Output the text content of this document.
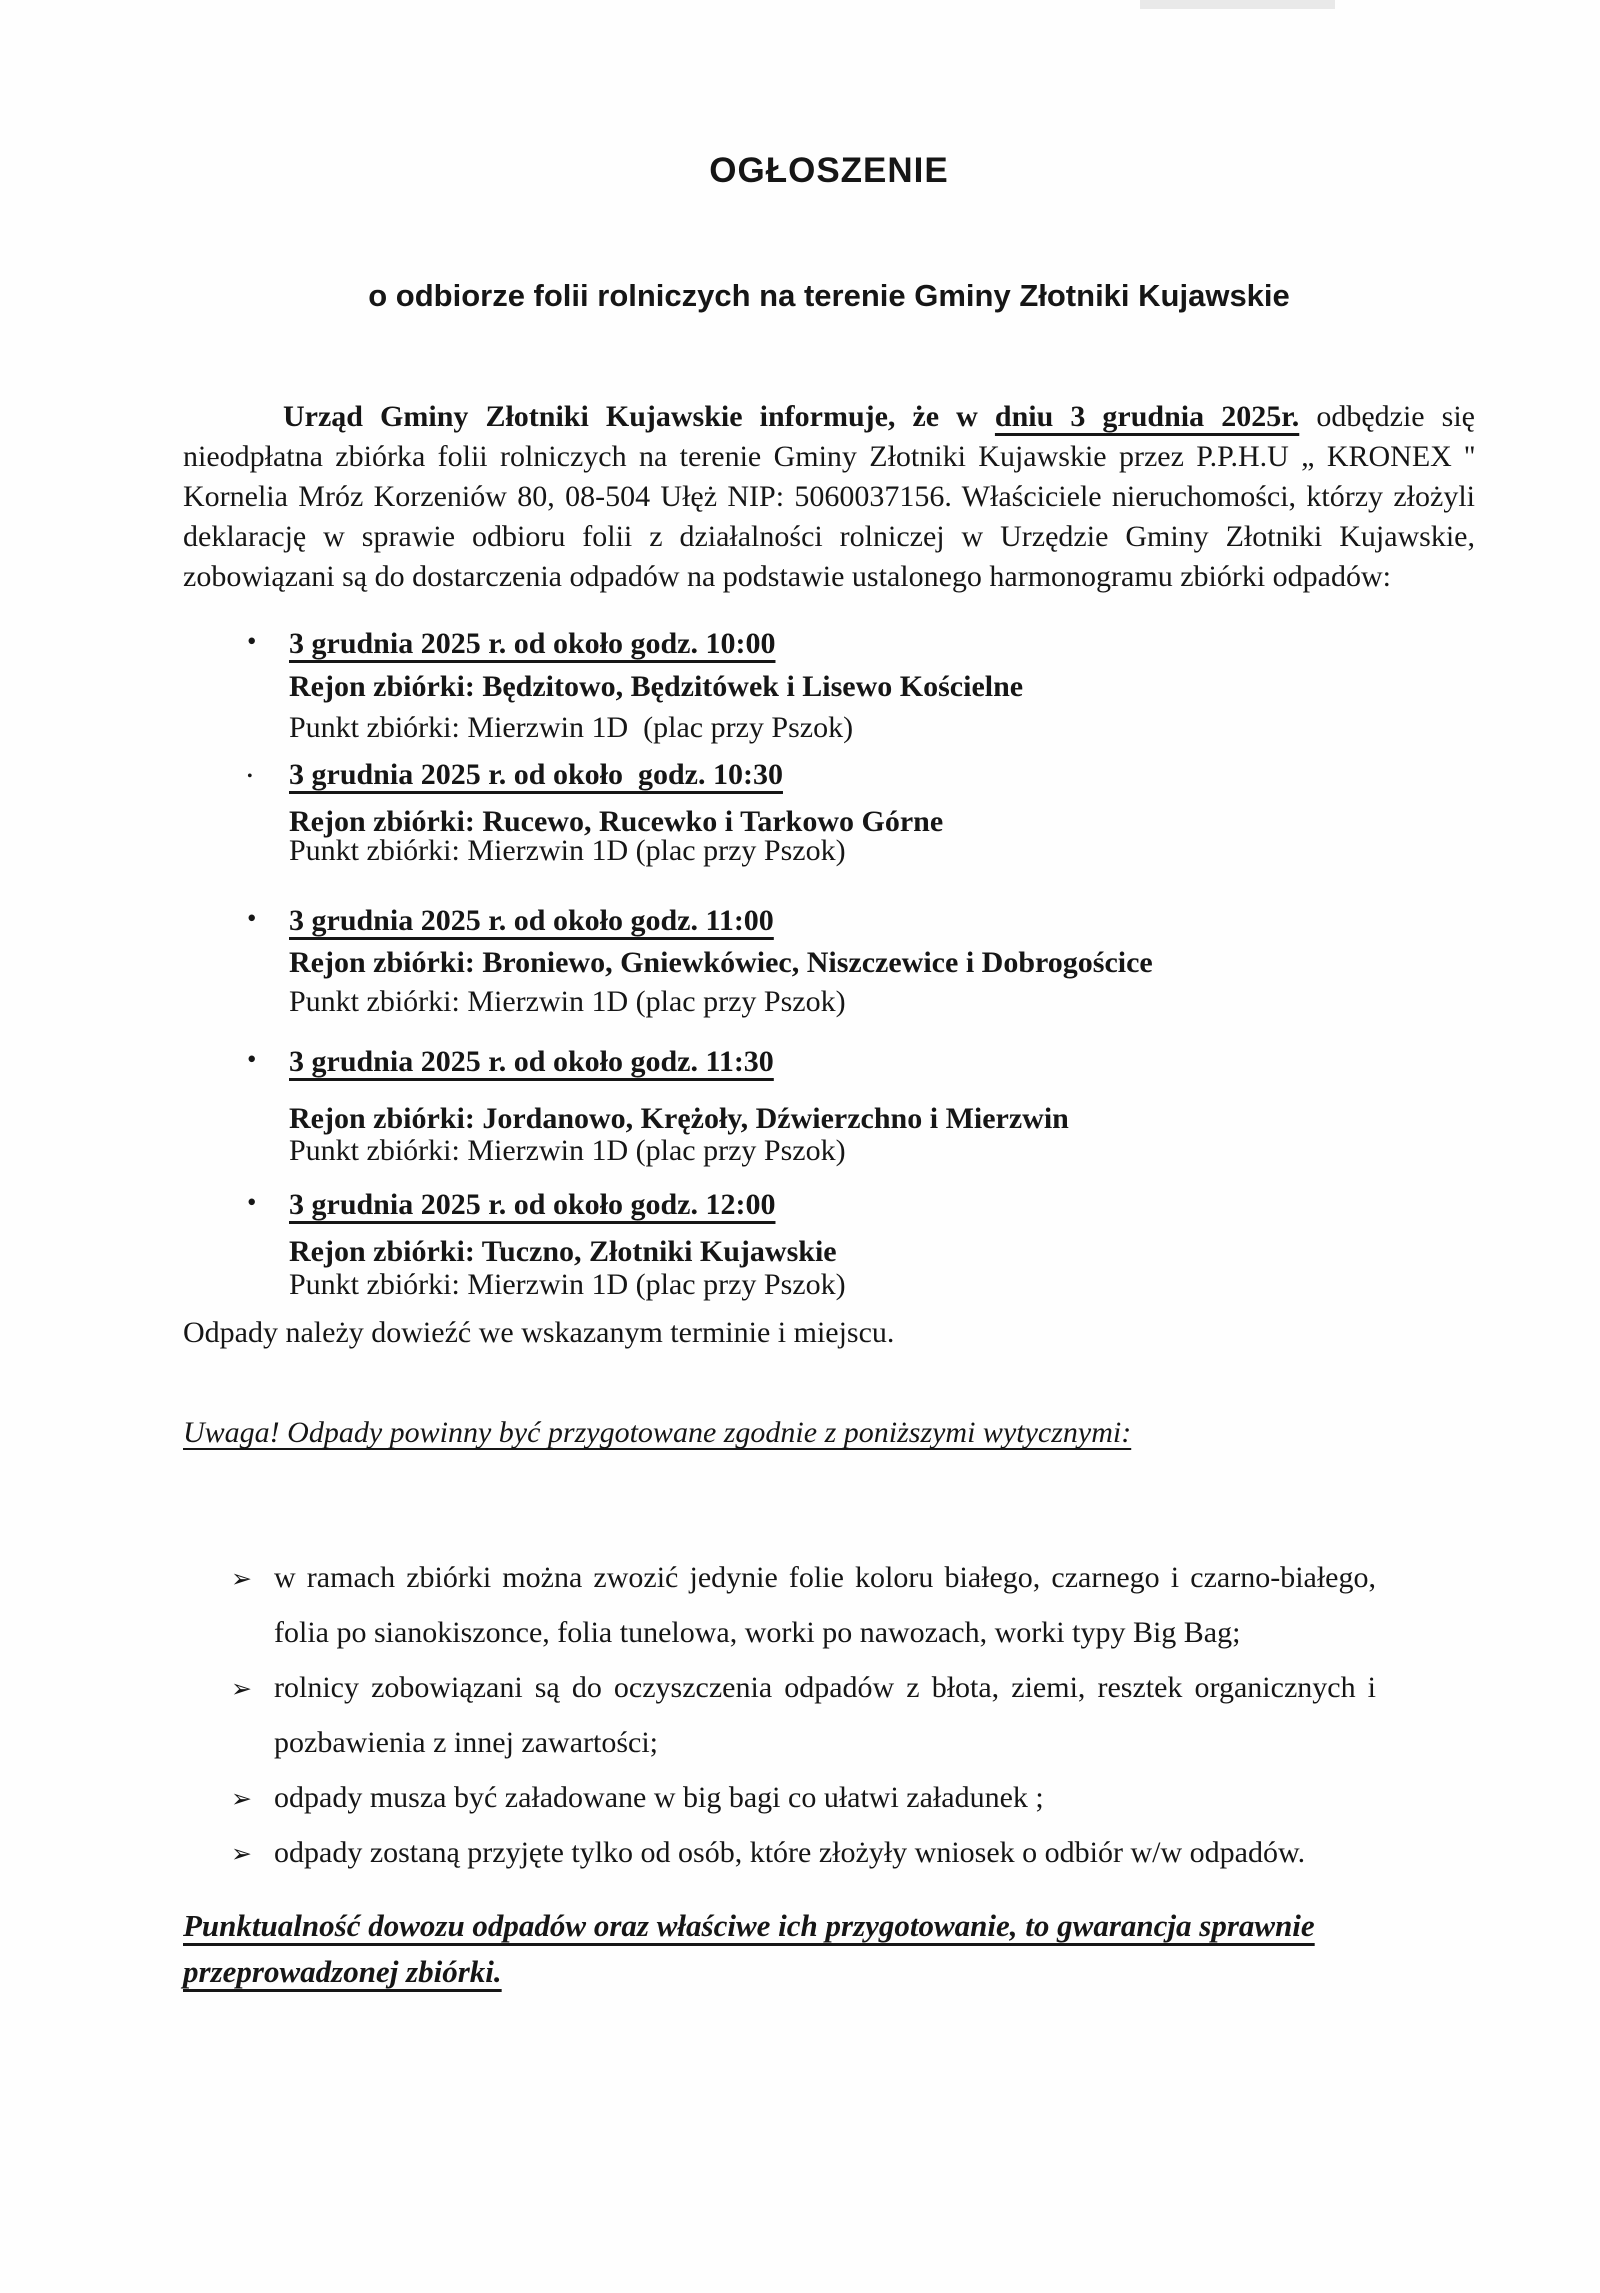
OGŁOSZENIE
o odbiorze folii rolniczych na terenie Gminy Złotniki Kujawskie

Urząd Gminy Złotniki Kujawskie informuje, że w dniu 3 grudnia 2025r. odbędzie się nieodpłatna zbiórka folii rolniczych na terenie Gminy Złotniki Kujawskie przez P.P.H.U „ KRONEX '' Kornelia Mróz Korzeniów 80, 08-504 Ułęż NIP: 5060037156. Właściciele nieruchomości, którzy złożyli deklarację w sprawie odbioru folii z działalności rolniczej w Urzędzie Gminy Złotniki Kujawskie, zobowiązani są do dostarczenia odpadów na podstawie ustalonego harmonogramu zbiórki odpadów:

• 3 grudnia 2025 r. od około godz. 10:00
Rejon zbiórki: Będzitowo, Będzitówek i Lisewo Kościelne
Punkt zbiórki: Mierzwin 1D  (plac przy Pszok)
• 3 grudnia 2025 r. od około  godz. 10:30
Rejon zbiórki: Rucewo, Rucewko i Tarkowo Górne
Punkt zbiórki: Mierzwin 1D (plac przy Pszok)
• 3 grudnia 2025 r. od około godz. 11:00
Rejon zbiórki: Broniewo, Gniewkówiec, Niszczewice i Dobrogościce
Punkt zbiórki: Mierzwin 1D (plac przy Pszok)
• 3 grudnia 2025 r. od około godz. 11:30
Rejon zbiórki: Jordanowo, Krężoły, Dźwierzchno i Mierzwin
Punkt zbiórki: Mierzwin 1D (plac przy Pszok)
• 3 grudnia 2025 r. od około godz. 12:00
Rejon zbiórki: Tuczno, Złotniki Kujawskie
Punkt zbiórki: Mierzwin 1D (plac przy Pszok)

Odpady należy dowieźć we wskazanym terminie i miejscu.

Uwaga! Odpady powinny być przygotowane zgodnie z poniższymi wytycznymi:

➢ w ramach zbiórki można zwozić jedynie folie koloru białego, czarnego i czarno-białego, folia po sianokiszonce, folia tunelowa, worki po nawozach, worki typy Big Bag;
➢ rolnicy zobowiązani są do oczyszczenia odpadów z błota, ziemi, resztek organicznych i pozbawienia z innej zawartości;
➢ odpady musza być załadowane w big bagi co ułatwi załadunek ;
➢ odpady zostaną przyjęte tylko od osób, które złożyły wniosek o odbiór w/w odpadów.

Punktualność dowozu odpadów oraz właściwe ich przygotowanie, to gwarancja sprawnie przeprowadzonej zbiórki.
